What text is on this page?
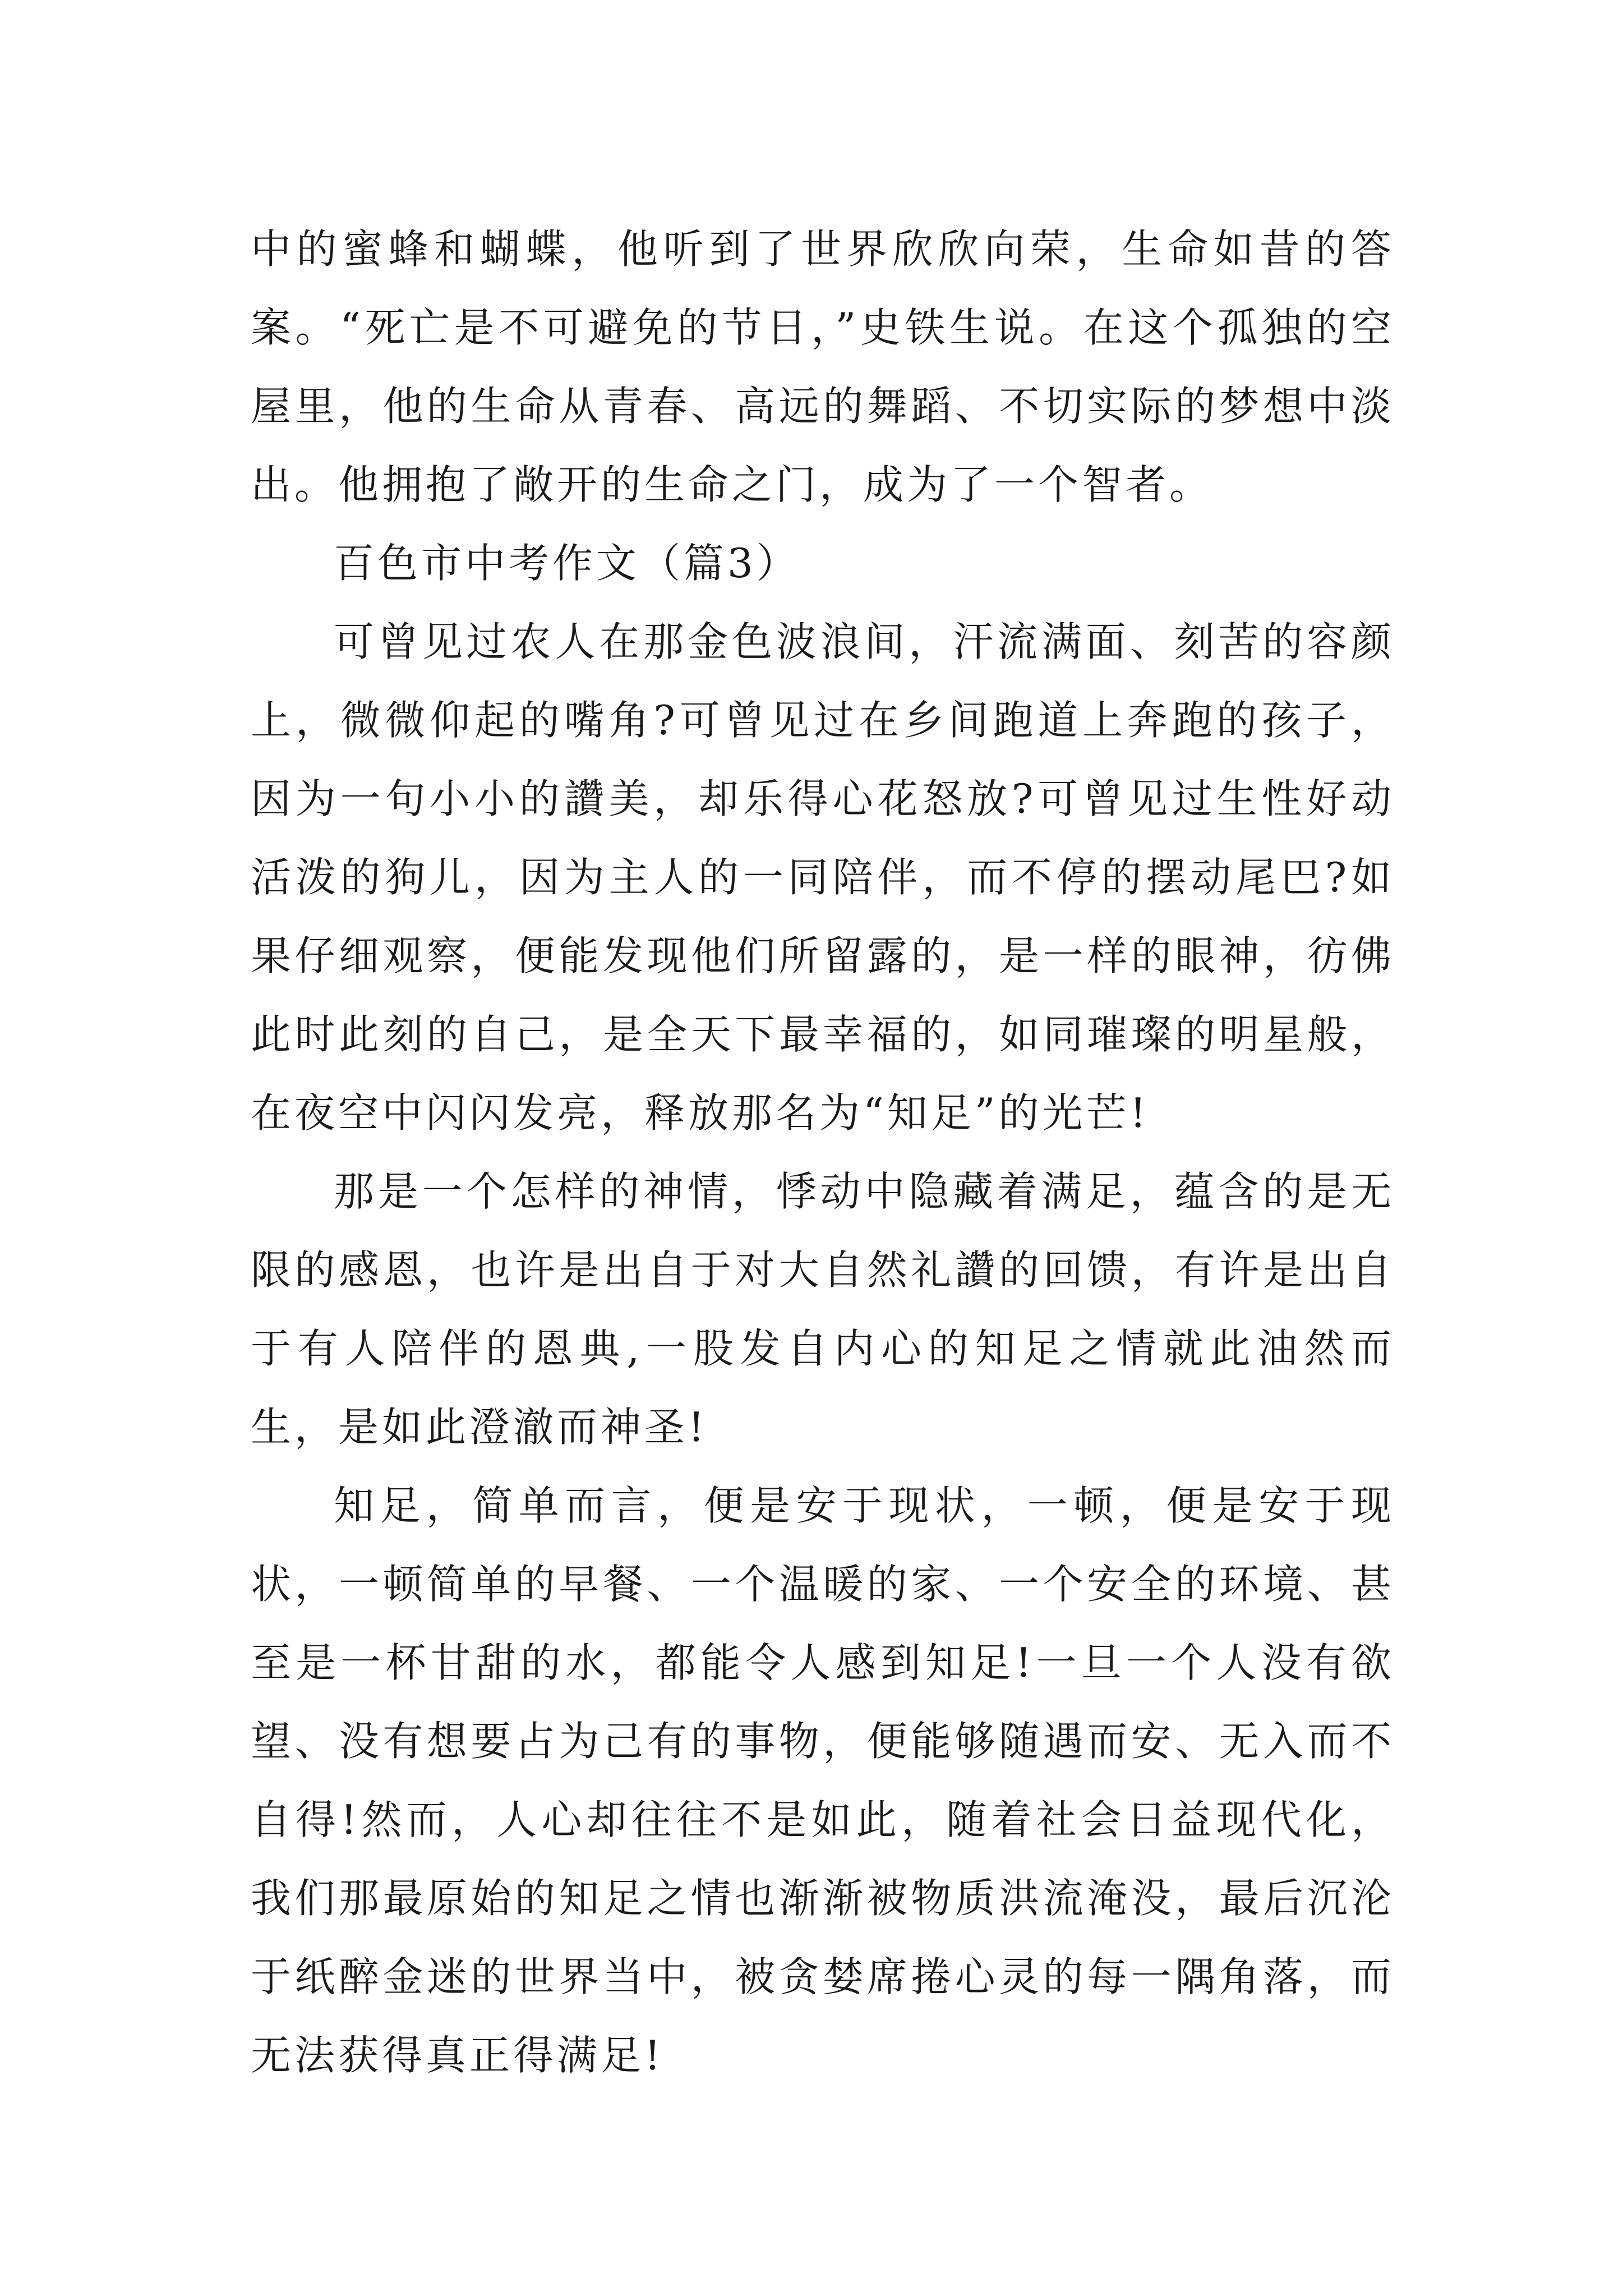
中的蜜蜂和蝴蝶，他听到了世界欣欣向荣，生命如昔的答案。“死亡是不可避免的节日，”史铁生说。在这个孤独的空屋里，他的生命从青春、高远的舞蹈、不切实际的梦想中淡出。他拥抱了敞开的生命之门，成为了一个智者。

百色市中考作文（篇3）

可曾见过农人在那金色波浪间，汗流满面、刻苦的容颜上，微微仰起的嘴角?可曾见过在乡间跑道上奔跑的孩子，因为一句小小的讚美，却乐得心花怒放?可曾见过生性好动活泼的狗儿，因为主人的一同陪伴，而不停的摆动尾巴?如果仔细观察，便能发现他们所留露的，是一样的眼神，彷佛此时此刻的自己，是全天下最幸福的，如同璀璨的明星般，在夜空中闪闪发亮，释放那名为“知足”的光芒!

那是一个怎样的神情，悸动中隐藏着满足，蕴含的是无限的感恩，也许是出自于对大自然礼讚的回馈，有许是出自于有人陪伴的恩典,一股发自内心的知足之情就此油然而生，是如此澄澈而神圣!

知足，简单而言，便是安于现状，一顿，便是安于现状，一顿简单的早餐、一个温暖的家、一个安全的环境、甚至是一杯甘甜的水，都能令人感到知足!一旦一个人没有欲望、没有想要占为己有的事物，便能够随遇而安、无入而不自得!然而，人心却往往不是如此，随着社会日益现代化，我们那最原始的知足之情也渐渐被物质洪流淹没，最后沉沦于纸醉金迷的世界当中，被贪婪席捲心灵的每一隅角落，而无法获得真正得满足!
